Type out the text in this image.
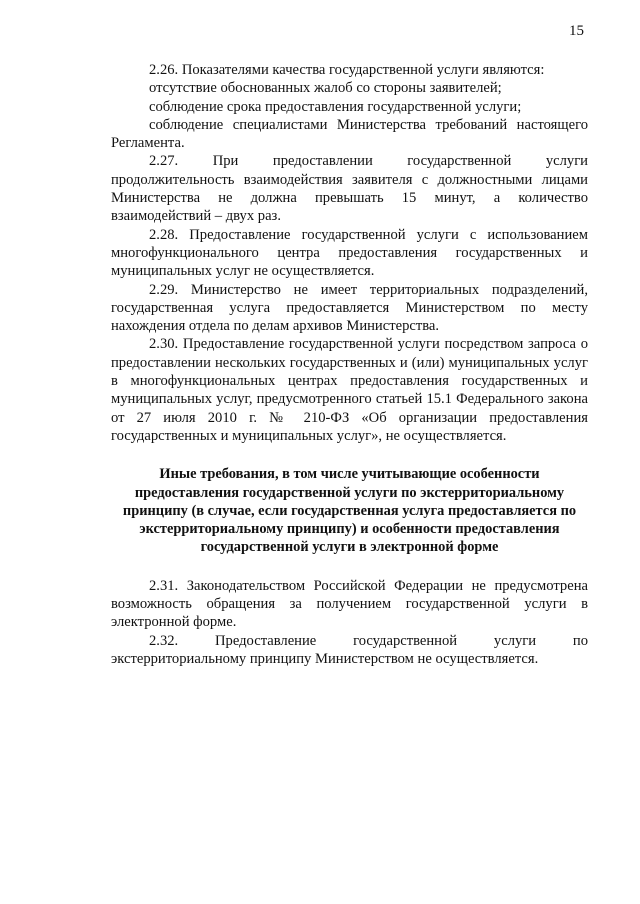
15

2.26. Показателями качества государственной услуги являются:

отсутствие обоснованных жалоб со стороны заявителей;

соблюдение срока предоставления государственной услуги;

соблюдение специалистами Министерства требований настоящего Регламента.

2.27. При предоставлении государственной услуги продолжительность взаимодействия заявителя с должностными лицами Министерства не должна превышать 15 минут, а количество взаимодействий – двух раз.

2.28. Предоставление государственной услуги с использованием многофункционального центра предоставления государственных и муниципальных услуг не осуществляется.

2.29. Министерство не имеет территориальных подразделений, государственная услуга предоставляется Министерством по месту нахождения отдела по делам архивов Министерства.

2.30. Предоставление государственной услуги посредством запроса о предоставлении нескольких государственных и (или) муниципальных услуг в многофункциональных центрах предоставления государственных и муниципальных услуг, предусмотренного статьей 15.1 Федерального закона от 27 июля 2010 г. № 210-ФЗ «Об организации предоставления государственных и муниципальных услуг», не осуществляется.

Иные требования, в том числе учитывающие особенности предоставления государственной услуги по экстерриториальному принципу (в случае, если государственная услуга предоставляется по экстерриториальному принципу) и особенности предоставления государственной услуги в электронной форме

2.31. Законодательством Российской Федерации не предусмотрена возможность обращения за получением государственной услуги в электронной форме.

2.32. Предоставление государственной услуги по экстерриториальному принципу Министерством не осуществляется.
